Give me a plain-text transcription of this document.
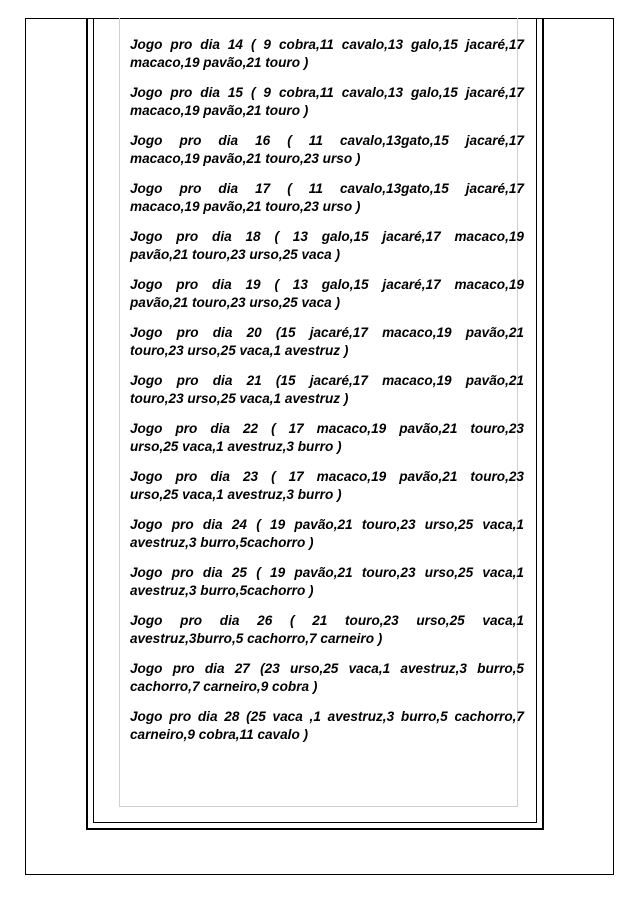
Jogo pro dia 14 ( 9 cobra,11 cavalo,13 galo,15 jacaré,17
macaco,19 pavão,21 touro )

Jogo pro dia 15 ( 9 cobra,11 cavalo,13 galo,15 jacaré,17
macaco,19 pavão,21 touro )

Jogo pro dia 16 ( 11 cavalo,13gato,15 jacaré,17
macaco,19 pavão,21 touro,23 urso )

Jogo pro dia 17 ( 11 cavalo,13gato,15 jacaré,17
macaco,19 pavão,21 touro,23 urso )

Jogo pro dia 18 ( 13 galo,15 jacaré,17 macaco,19
pavão,21 touro,23 urso,25 vaca )

Jogo pro dia 19 ( 13 galo,15 jacaré,17 macaco,19
pavão,21 touro,23 urso,25 vaca )

Jogo pro dia 20 (15 jacaré,17 macaco,19 pavão,21
touro,23 urso,25 vaca,1 avestruz )

Jogo pro dia 21 (15 jacaré,17 macaco,19 pavão,21
touro,23 urso,25 vaca,1 avestruz )

Jogo pro dia 22 ( 17 macaco,19 pavão,21 touro,23
urso,25 vaca,1 avestruz,3 burro )

Jogo pro dia 23 ( 17 macaco,19 pavão,21 touro,23
urso,25 vaca,1 avestruz,3 burro )

Jogo pro dia 24 ( 19 pavão,21 touro,23 urso,25 vaca,1
avestruz,3 burro,5cachorro )

Jogo pro dia 25 ( 19 pavão,21 touro,23 urso,25 vaca,1
avestruz,3 burro,5cachorro )

Jogo pro dia 26 ( 21 touro,23 urso,25 vaca,1
avestruz,3burro,5 cachorro,7 carneiro )

Jogo pro dia 27 (23 urso,25 vaca,1 avestruz,3 burro,5
cachorro,7 carneiro,9 cobra )

Jogo pro dia 28 (25 vaca ,1 avestruz,3 burro,5 cachorro,7
carneiro,9 cobra,11 cavalo )
